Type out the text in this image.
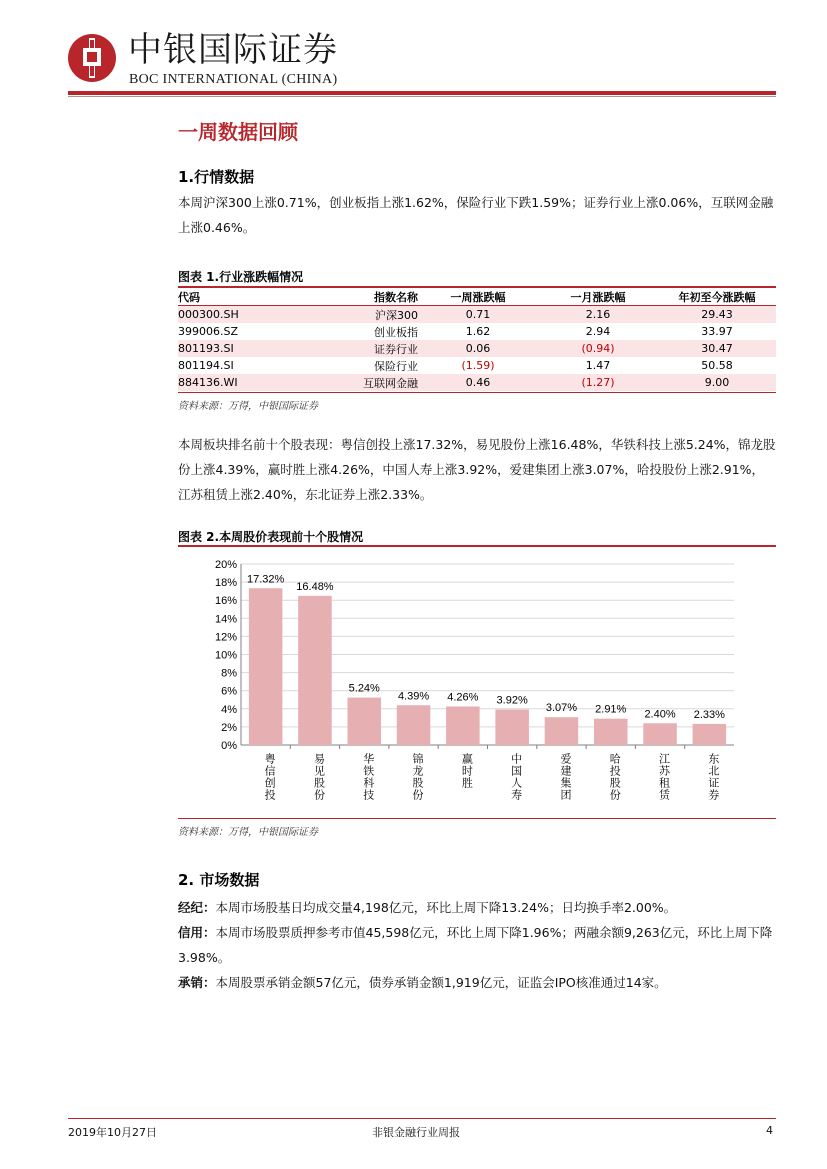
中银国际证券
BOC INTERNATIONAL (CHINA)
一周数据回顾
1.行情数据
本周沪深300上涨0.71%，创业板指上涨1.62%，保险行业下跌1.59%；证券行业上涨0.06%，互联网金融上涨0.46%。
图表 1.行业涨跌幅情况
代码	指数名称	一周涨跌幅	一月涨跌幅	年初至今涨跌幅
000300.SH	沪深300	0.71	2.16	29.43
399006.SZ	创业板指	1.62	2.94	33.97
801193.SI	证券行业	0.06	(0.94)	30.47
801194.SI	保险行业	(1.59)	1.47	50.58
884136.WI	互联网金融	0.46	(1.27)	9.00
资料来源：万得，中银国际证券
本周板块排名前十个股表现：粤信创投上涨17.32%，易见股份上涨16.48%，华铁科技上涨5.24%，锦龙股份上涨4.39%，赢时胜上涨4.26%，中国人寿上涨3.92%，爱建集团上涨3.07%，哈投股份上涨2.91%，江苏租赁上涨2.40%，东北证券上涨2.33%。
图表 2.本周股价表现前十个股情况
0%
2%
4%
6%
8%
10%
12%
14%
16%
18%
20%
17.32%
粤信创投
16.48%
易见股份
5.24%
华铁科技
4.39%
锦龙股份
4.26%
赢时胜
3.92%
中国人寿
3.07%
爱建集团
2.91%
哈投股份
2.40%
江苏租赁
2.33%
东北证券
资料来源：万得，中银国际证券
2. 市场数据
经纪：本周市场股基日均成交量4,198亿元，环比上周下降13.24%；日均换手率2.00%。
信用：本周市场股票质押参考市值45,598亿元，环比上周下降1.96%；两融余额9,263亿元，环比上周下降3.98%。
承销：本周股票承销金额57亿元，债券承销金额1,919亿元，证监会IPO核准通过14家。
2019年10月27日	非银金融行业周报	4
